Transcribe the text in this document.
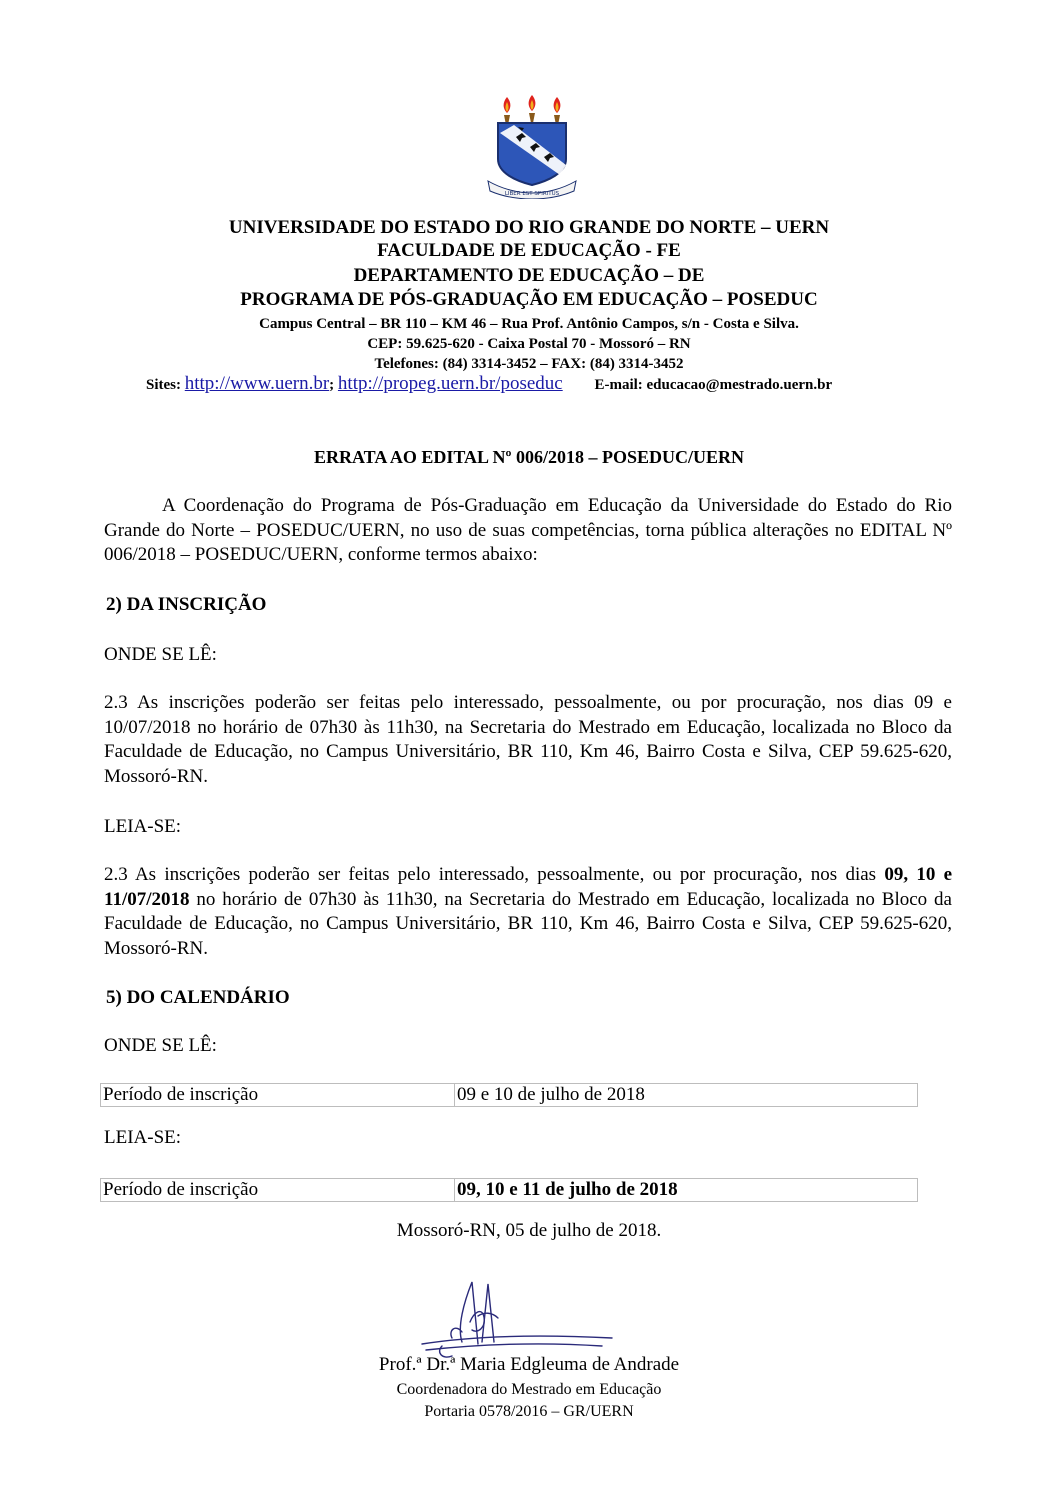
LIBER EST SPIRITUS
UNIVERSIDADE DO ESTADO DO RIO GRANDE DO NORTE – UERN
FACULDADE DE EDUCAÇÃO - FE
DEPARTAMENTO DE EDUCAÇÃO – DE
PROGRAMA DE PÓS-GRADUAÇÃO EM EDUCAÇÃO – POSEDUC
Campus Central – BR 110 – KM 46 – Rua Prof. Antônio Campos, s/n - Costa e Silva.
CEP: 59.625-620 - Caixa Postal 70 - Mossoró – RN
Telefones: (84) 3314-3452 – FAX: (84) 3314-3452
Sites: http://www.uern.br; http://propeg.uern.br/poseduc E-mail: educacao@mestrado.uern.br
ERRATA AO EDITAL Nº 006/2018 – POSEDUC/UERN
A Coordenação do Programa de Pós-Graduação em Educação da Universidade do Estado do Rio Grande do Norte – POSEDUC/UERN, no uso de suas competências, torna pública alterações no EDITAL Nº 006/2018 – POSEDUC/UERN, conforme termos abaixo:
2) DA INSCRIÇÃO
ONDE SE LÊ:
2.3 As inscrições poderão ser feitas pelo interessado, pessoalmente, ou por procuração, nos dias 09 e 10/07/2018 no horário de 07h30 às 11h30, na Secretaria do Mestrado em Educação, localizada no Bloco da Faculdade de Educação, no Campus Universitário, BR 110, Km 46, Bairro Costa e Silva, CEP 59.625-620, Mossoró-RN.
LEIA-SE:
2.3 As inscrições poderão ser feitas pelo interessado, pessoalmente, ou por procuração, nos dias 09, 10 e 11/07/2018 no horário de 07h30 às 11h30, na Secretaria do Mestrado em Educação, localizada no Bloco da Faculdade de Educação, no Campus Universitário, BR 110, Km 46, Bairro Costa e Silva, CEP 59.625-620, Mossoró-RN.
5) DO CALENDÁRIO
ONDE SE LÊ:
Período de inscrição	09 e 10 de julho de 2018
LEIA-SE:
Período de inscrição	09, 10 e 11 de julho de 2018
Mossoró-RN, 05 de julho de 2018.
Prof.ª Dr.ª Maria Edgleuma de Andrade
Coordenadora do Mestrado em Educação
Portaria 0578/2016 – GR/UERN
